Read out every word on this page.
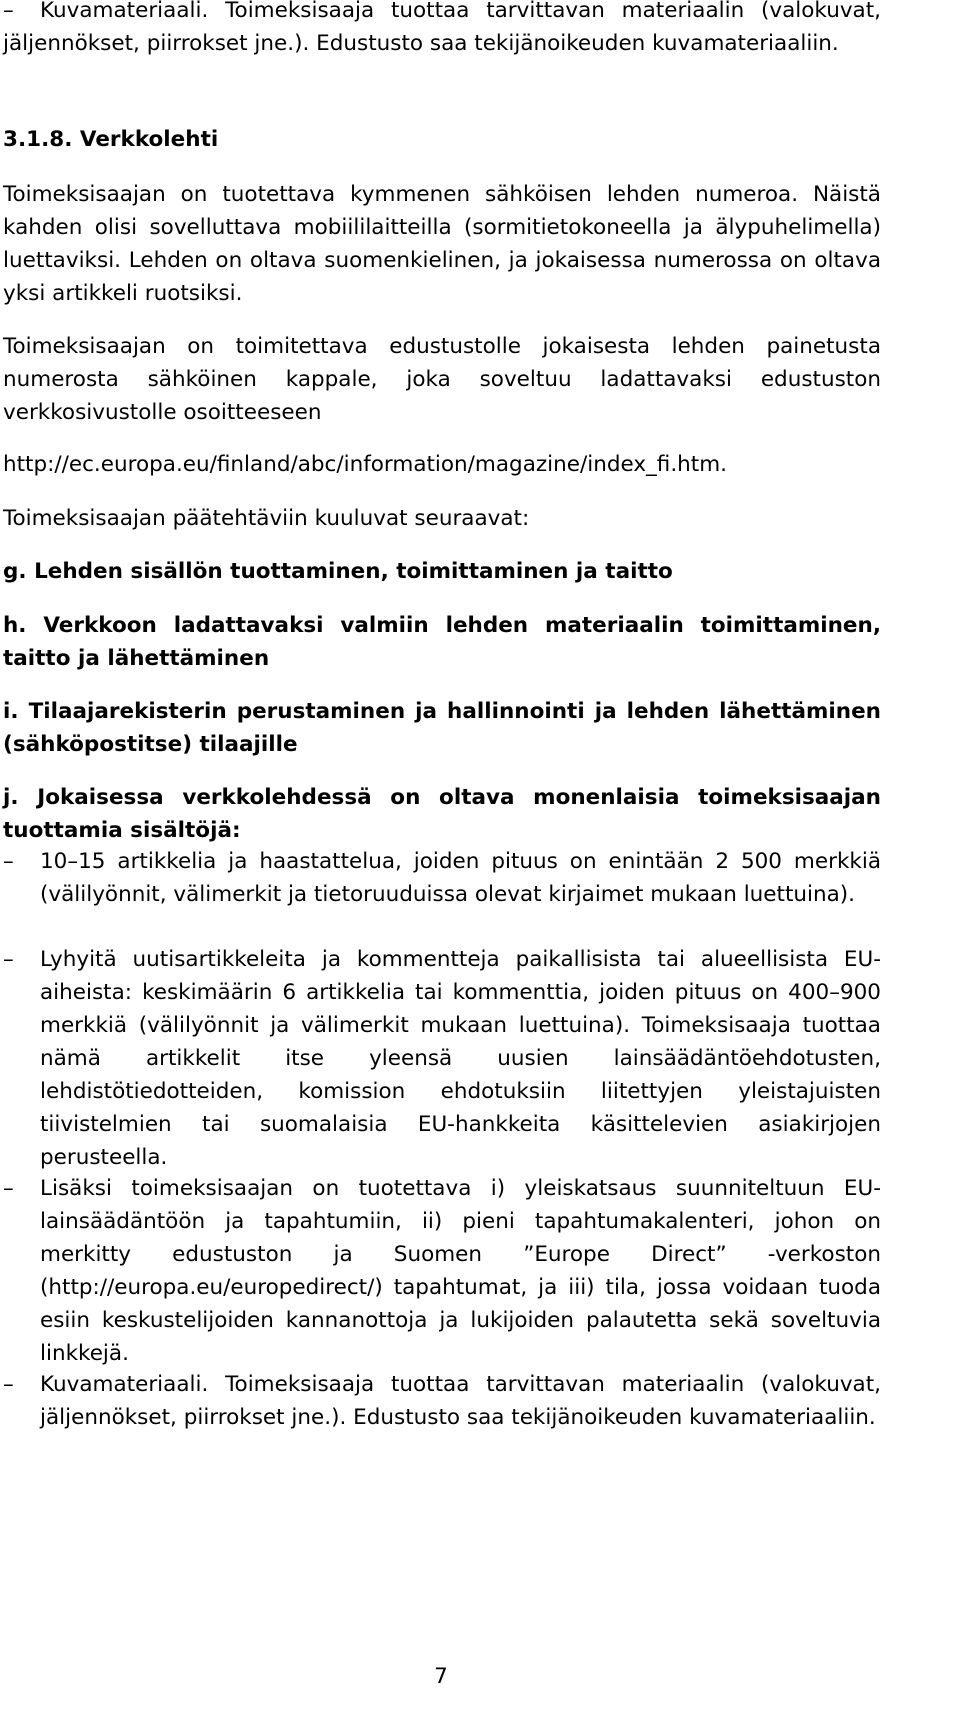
–	Kuvamateriaali. Toimeksisaaja tuottaa tarvittavan materiaalin (valokuvat, jäljennökset, piirrokset jne.). Edustusto saa tekijänoikeuden kuvamateriaaliin.
3.1.8. Verkkolehti
Toimeksisaajan on tuotettava kymmenen sähköisen lehden numeroa. Näistä kahden olisi sovelluttava mobiililaitteilla (sormitietokoneella ja älypuhelimella) luettaviksi. Lehden on oltava suomenkielinen, ja jokaisessa numerossa on oltava yksi artikkeli ruotsiksi.
Toimeksisaajan on toimitettava edustustolle jokaisesta lehden painetusta numerosta sähköinen kappale, joka soveltuu ladattavaksi edustuston verkkosivustolle osoitteeseen
http://ec.europa.eu/finland/abc/information/magazine/index_fi.htm.
Toimeksisaajan päätehtäviin kuuluvat seuraavat:
g. Lehden sisällön tuottaminen, toimittaminen ja taitto
h. Verkkoon ladattavaksi valmiin lehden materiaalin toimittaminen, taitto ja lähettäminen
i. Tilaajarekisterin perustaminen ja hallinnointi ja lehden lähettäminen (sähköpostitse) tilaajille
j. Jokaisessa verkkolehdessä on oltava monenlaisia toimeksisaajan tuottamia sisältöjä:
– 10–15 artikkelia ja haastattelua, joiden pituus on enintään 2 500 merkkiä (välilyönnit, välimerkit ja tietoruuduissa olevat kirjaimet mukaan luettuina).
– Lyhyitä uutisartikkeleita ja kommentteja paikallisista tai alueellisista EU-aiheista: keskimäärin 6 artikkelia tai kommenttia, joiden pituus on 400–900 merkkiä (välilyönnit ja välimerkit mukaan luettuina). Toimeksisaaja tuottaa nämä artikkelit itse yleensä uusien lainsäädäntöehdotusten, lehdistötiedotteiden, komission ehdotuksiin liitettyjen yleistajuisten tiivistelmien tai suomalaisia EU-hankkeita käsittelevien asiakirjojen perusteella.
– Lisäksi toimeksisaajan on tuotettava i) yleiskatsaus suunniteltuun EU-lainsäädäntöön ja tapahtumiin, ii) pieni tapahtumakalenteri, johon on merkitty edustuston ja Suomen ”Europe Direct” -verkoston (http://europa.eu/europedirect/) tapahtumat, ja iii) tila, jossa voidaan tuoda esiin keskustelijoiden kannanottoja ja lukijoiden palautetta sekä soveltuvia linkkejä.
– Kuvamateriaali. Toimeksisaaja tuottaa tarvittavan materiaalin (valokuvat, jäljennökset, piirrokset jne.). Edustusto saa tekijänoikeuden kuvamateriaaliin.
7
